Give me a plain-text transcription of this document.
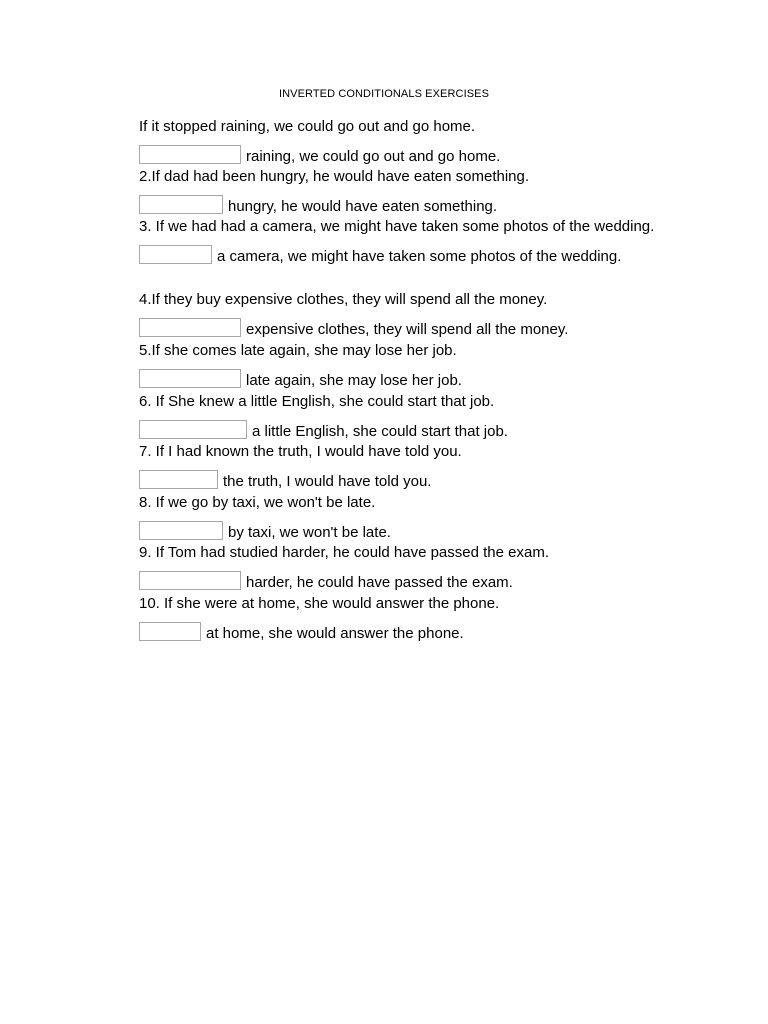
INVERTED CONDITIONALS EXERCISES

If it stopped raining, we could go out and go home.

raining, we could go out and go home.

2.If dad had been hungry, he would have eaten something.

hungry, he would have eaten something.

3. If we had had a camera, we might have taken some photos of the wedding.

a camera, we might have taken some photos of the wedding.

4.If they buy expensive clothes, they will spend all the money.

expensive clothes, they will spend all the money.

5.If she comes late again, she may lose her job.

late again, she may lose her job.

6. If She knew a little English, she could start that job.

a little English, she could start that job.

7. If I had known the truth, I would have told you.

the truth, I would have told you.

8. If we go by taxi, we won't be late.

by taxi, we won't be late.

9. If Tom had studied harder, he could have passed the exam.

harder, he could have passed the exam.

10. If she were at home, she would answer the phone.

at home, she would answer the phone.
